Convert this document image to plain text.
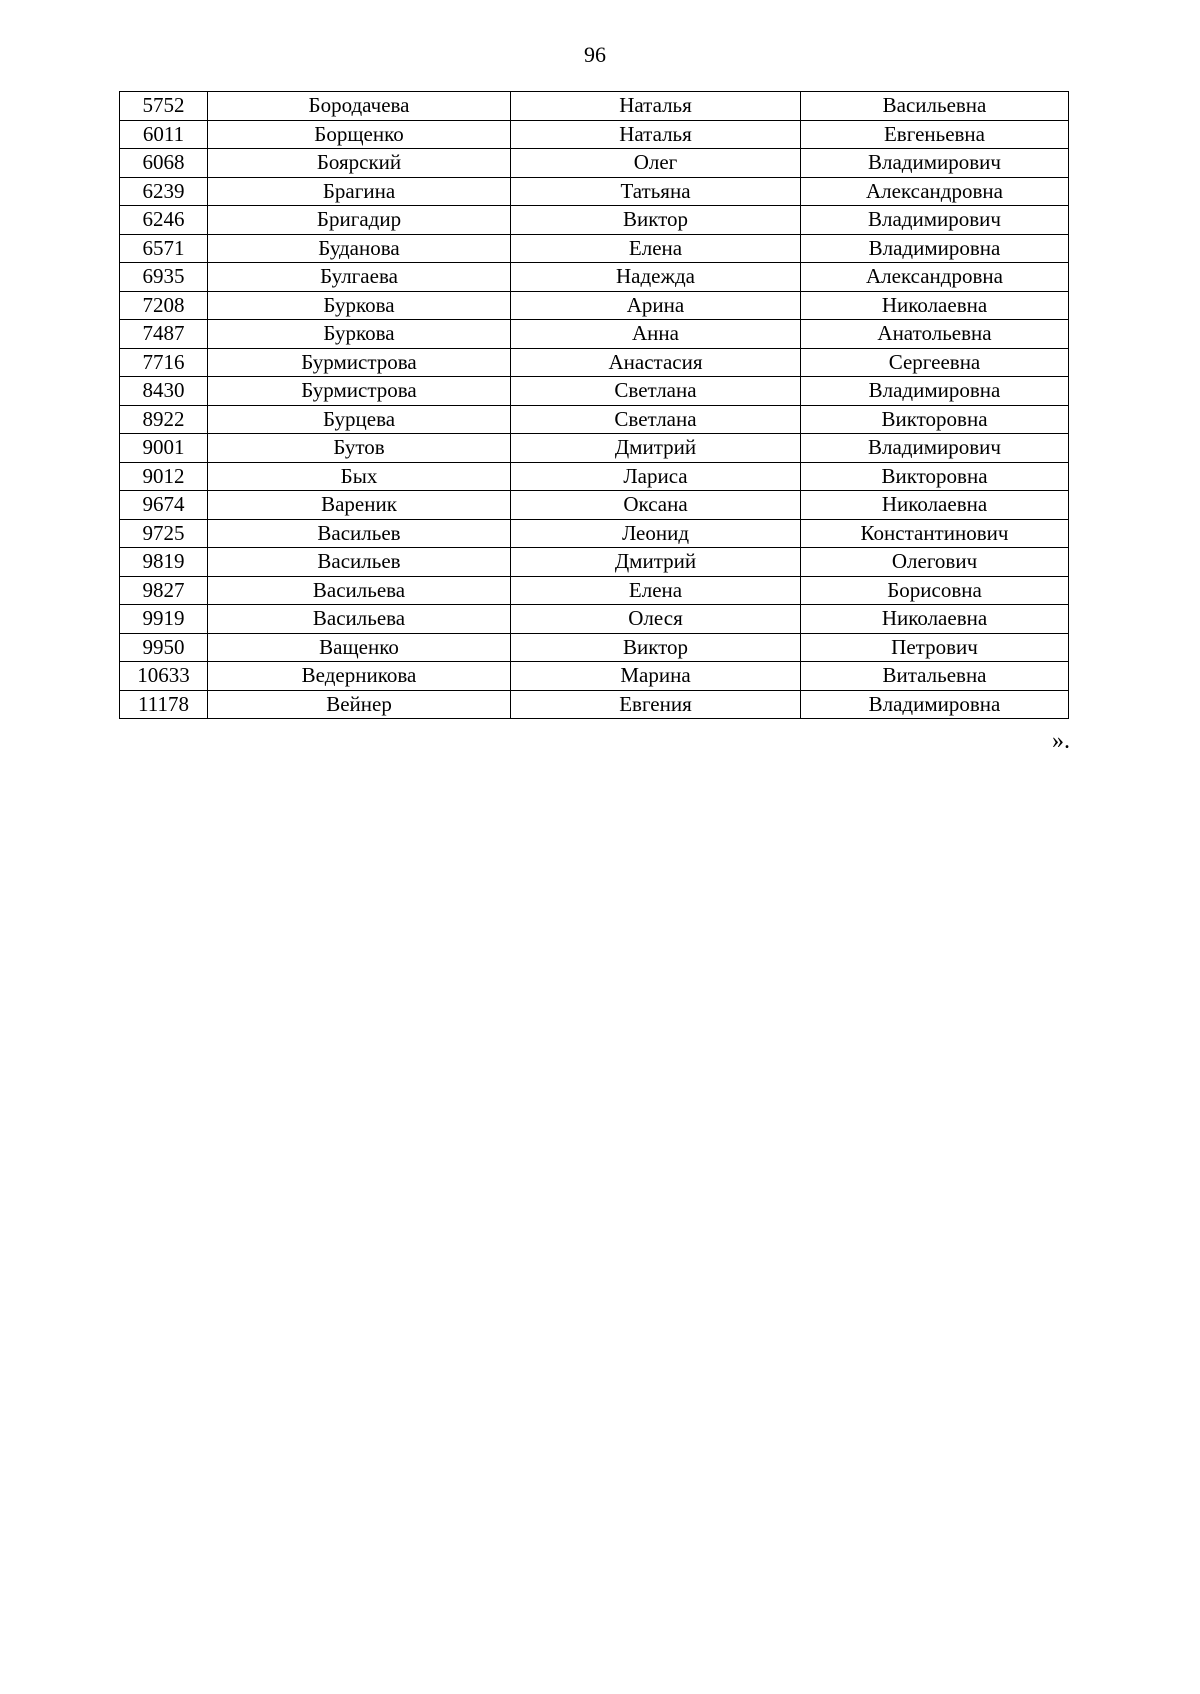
96
5752	Бородачева	Наталья	Васильевна
6011	Борщенко	Наталья	Евгеньевна
6068	Боярский	Олег	Владимирович
6239	Брагина	Татьяна	Александровна
6246	Бригадир	Виктор	Владимирович
6571	Буданова	Елена	Владимировна
6935	Булгаева	Надежда	Александровна
7208	Буркова	Арина	Николаевна
7487	Буркова	Анна	Анатольевна
7716	Бурмистрова	Анастасия	Сергеевна
8430	Бурмистрова	Светлана	Владимировна
8922	Бурцева	Светлана	Викторовна
9001	Бутов	Дмитрий	Владимирович
9012	Бых	Лариса	Викторовна
9674	Вареник	Оксана	Николаевна
9725	Васильев	Леонид	Константинович
9819	Васильев	Дмитрий	Олегович
9827	Васильева	Елена	Борисовна
9919	Васильева	Олеся	Николаевна
9950	Ващенко	Виктор	Петрович
10633	Ведерникова	Марина	Витальевна
11178	Вейнер	Евгения	Владимировна
».
